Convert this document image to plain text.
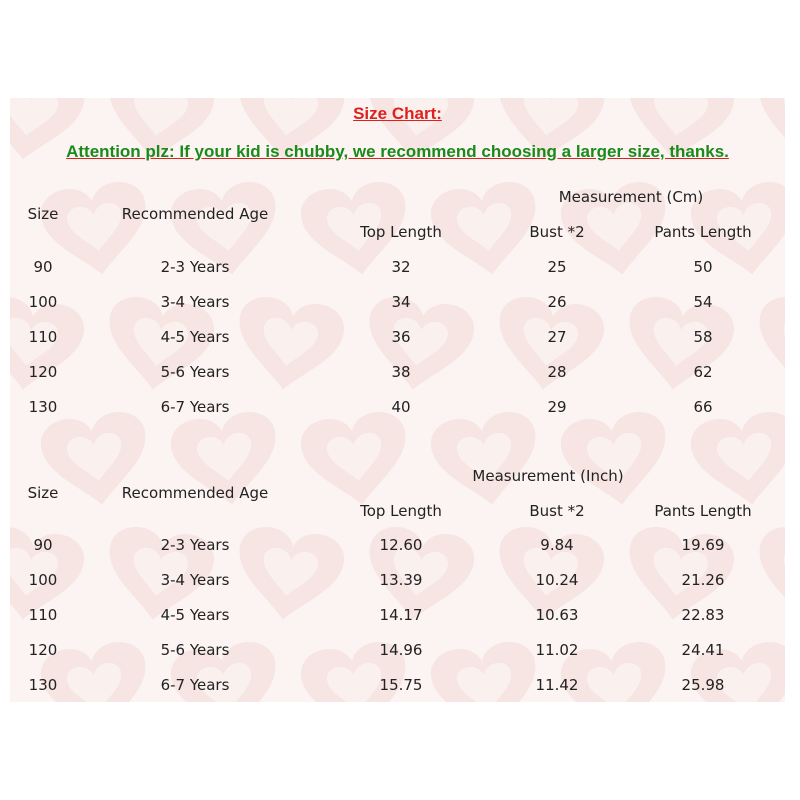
Size Chart:
Attention plz: If your kid is chubby, we recommend choosing a larger size, thanks.
Measurement (Cm)
Size	Recommended Age
Top Length	Bust *2	Pants Length
90	2-3 Years	32	25	50
100	3-4 Years	34	26	54
110	4-5 Years	36	27	58
120	5-6 Years	38	28	62
130	6-7 Years	40	29	66
Measurement (Inch)
Size	Recommended Age
Top Length	Bust *2	Pants Length
90	2-3 Years	12.60	9.84	19.69
100	3-4 Years	13.39	10.24	21.26
110	4-5 Years	14.17	10.63	22.83
120	5-6 Years	14.96	11.02	24.41
130	6-7 Years	15.75	11.42	25.98
